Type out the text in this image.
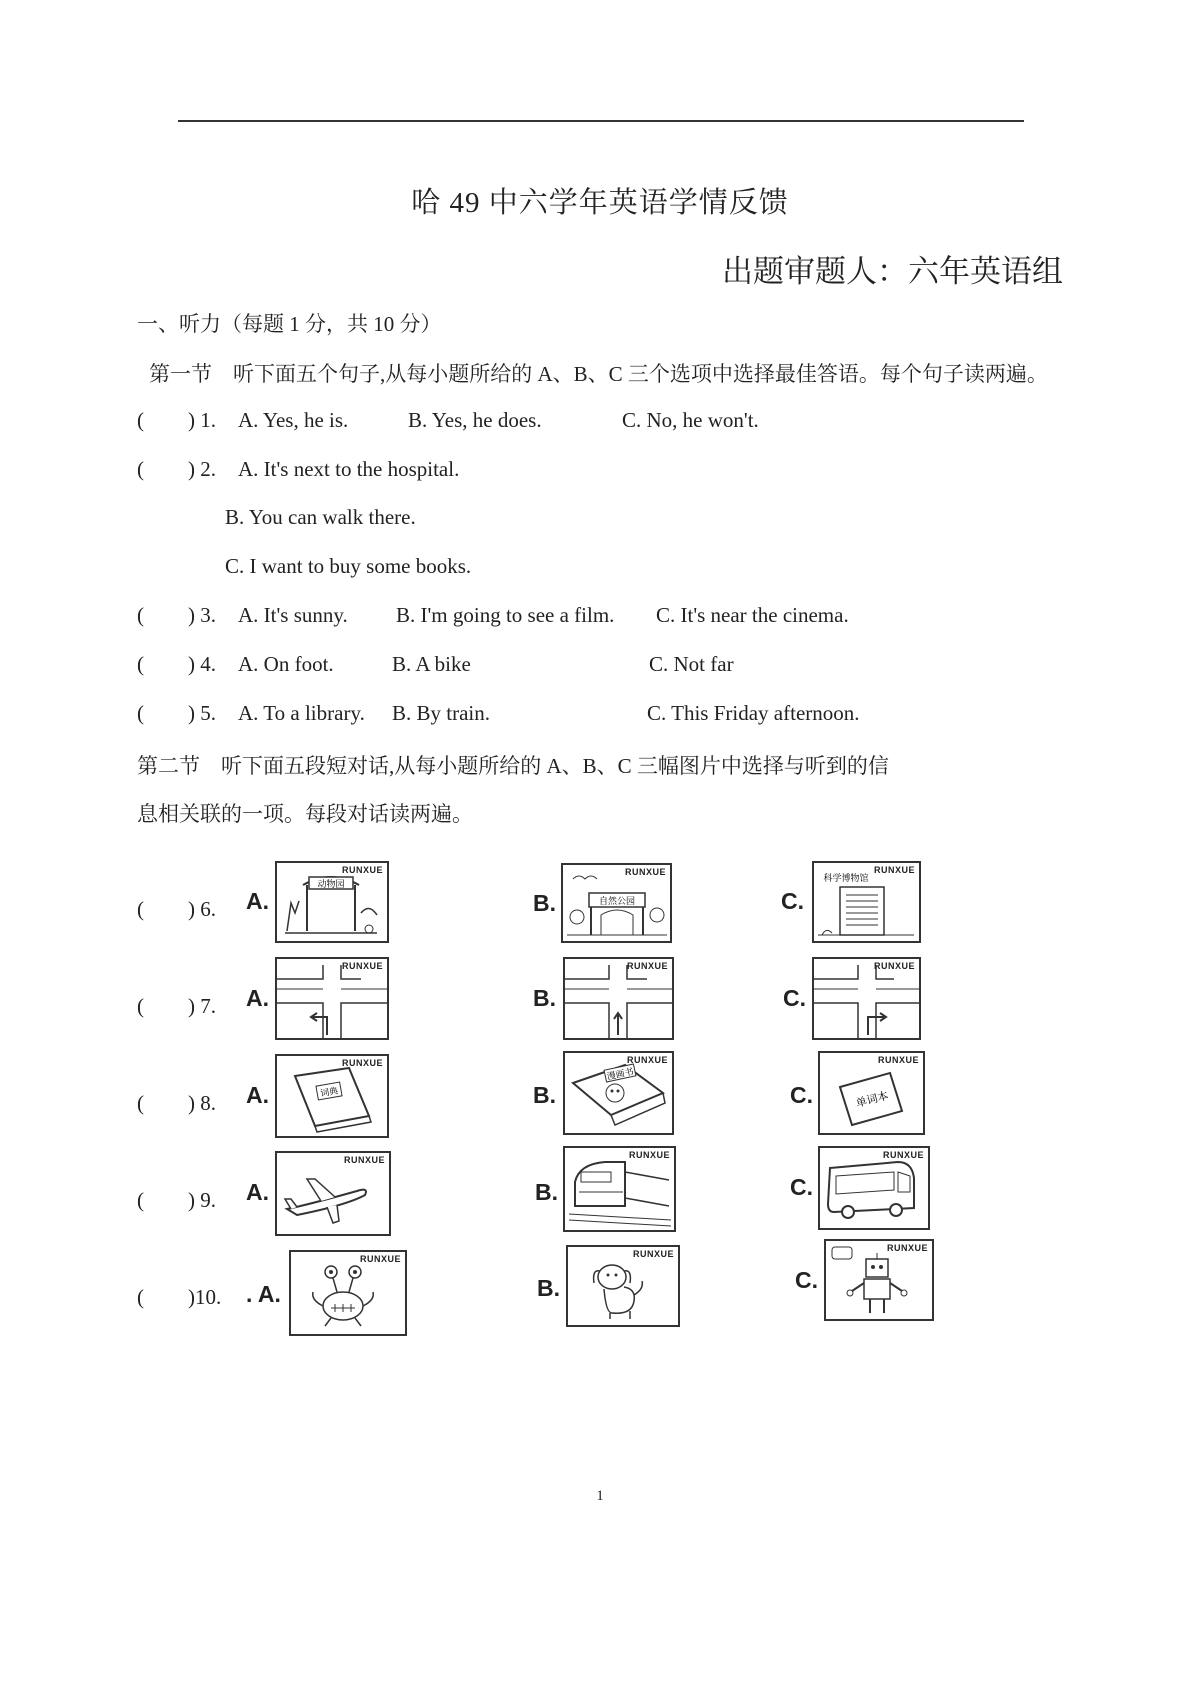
哈 49 中六学年英语学情反馈
出题审题人：六年英语组
一、听力（每题 1 分，共 10 分）
第一节　听下面五个句子,从每小题所给的 A、B、C 三个选项中选择最佳答语。每个句子读两遍。
( ) 1. A. Yes, he is.	B. Yes, he does.	C. No, he won't.
( ) 2. A. It's next to the hospital.
B. You can walk there.
C. I want to buy some books.
( ) 3. A. It's sunny. B. I'm going to see a film. C. It's near the cinema.
( ) 4. A. On foot.	B. A bike	C. Not far
( ) 5. A. To a library. B. By train.	C. This Friday afternoon.
第二节　听下面五段短对话,从每小题所给的 A、B、C 三幅图片中选择与听到的信
息相关联的一项。每段对话读两遍。
( ) 6. A.
RUNXUE
动物园
B.
RUNXUE
自然公园	C.
RUNXUE
科学博物馆
( ) 7. A.
RUNXUE
B.
RUNXUE
C.
RUNXUE
( ) 8. A.
RUNXUE
词典	B.
RUNXUE
漫画书
C.
RUNXUE
单词本
( ) 9. A.
RUNXUE
B.
RUNXUE
C.
RUNXUE
( )10. . A.
RUNXUE
B.
RUNXUE
C.
RUNXUE
1
